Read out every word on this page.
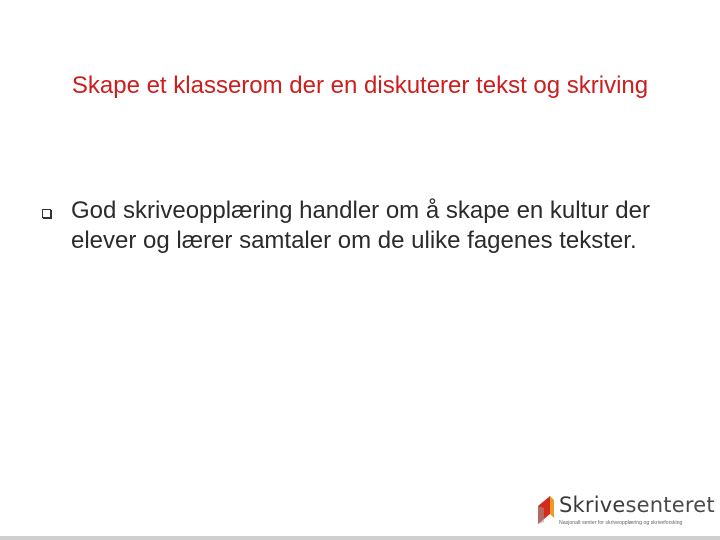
Skape et klasserom der en diskuterer tekst og skriving
God skriveopplæring handler om å skape en kultur der elever og lærer samtaler om de ulike fagenes tekster.
Skrivesenteret
Nasjonalt senter for skriveopplæring og skriveforsking
